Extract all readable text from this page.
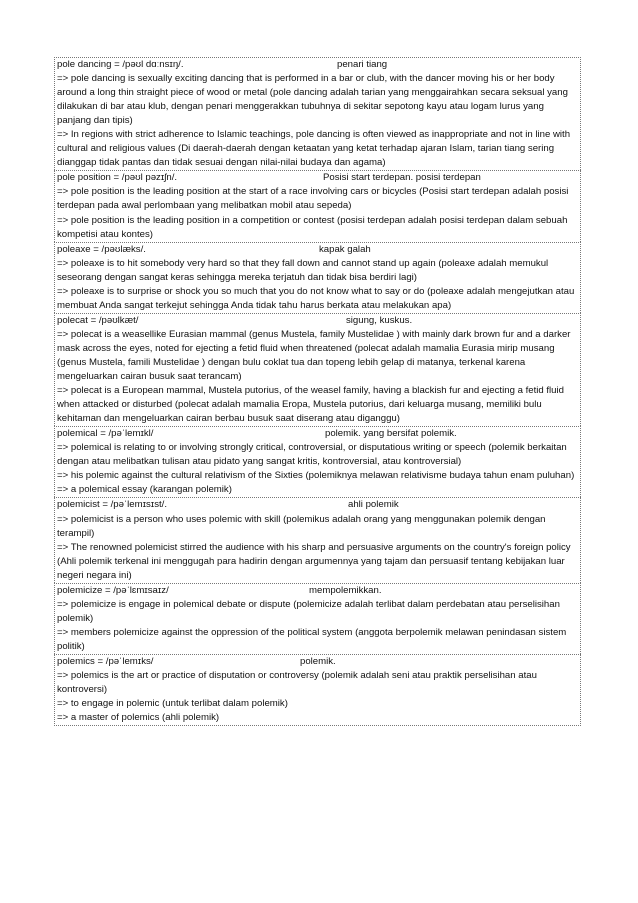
pole dancing = /pəʊl dɑːnsɪŋ/.	penari tiang
=> pole dancing is sexually exciting dancing that is performed in a bar or club, with the dancer moving his or her body around a long thin straight piece of wood or metal (pole dancing adalah tarian yang menggairahkan secara seksual yang dilakukan di bar atau klub, dengan penari menggerakkan tubuhnya di sekitar sepotong kayu atau logam lurus yang panjang dan tipis)
=> In regions with strict adherence to Islamic teachings, pole dancing is often viewed as inappropriate and not in line with cultural and religious values (Di daerah-daerah dengan ketaatan yang ketat terhadap ajaran Islam, tarian tiang sering dianggap tidak pantas dan tidak sesuai dengan nilai-nilai budaya dan agama)
pole position = /pəʊl pəzɪʃn/.	Posisi start terdepan. posisi terdepan
=> pole position is the leading position at the start of a race involving cars or bicycles (Posisi start terdepan adalah posisi terdepan pada awal perlombaan yang melibatkan mobil atau sepeda)
=> pole position is the leading position in a competition or contest (posisi terdepan adalah posisi terdepan dalam sebuah kompetisi atau kontes)
poleaxe = /pəʊlæks/.	kapak galah
=> poleaxe is to hit somebody very hard so that they fall down and cannot stand up again (poleaxe adalah memukul seseorang dengan sangat keras sehingga mereka terjatuh dan tidak bisa berdiri lagi)
=> poleaxe is to surprise or shock you so much that you do not know what to say or do (poleaxe adalah mengejutkan atau membuat Anda sangat terkejut sehingga Anda tidak tahu harus berkata atau melakukan apa)
polecat = /pəʊlkæt/	sigung, kuskus.
=> polecat is a weasellike Eurasian mammal (genus Mustela, family Mustelidae ) with mainly dark brown fur and a darker mask across the eyes, noted for ejecting a fetid fluid when threatened (polecat adalah mamalia Eurasia mirip musang (genus Mustela, famili Mustelidae ) dengan bulu coklat tua dan topeng lebih gelap di matanya, terkenal karena mengeluarkan cairan busuk saat terancam)
=> polecat is a European mammal, Mustela putorius, of the weasel family, having a blackish fur and ejecting a fetid fluid when attacked or disturbed (polecat adalah mamalia Eropa, Mustela putorius, dari keluarga musang, memiliki bulu kehitaman dan mengeluarkan cairan berbau busuk saat diserang atau diganggu)
polemical = /pəˈlemɪkl/	polemik. yang bersifat polemik.
=> polemical is relating to or involving strongly critical, controversial, or disputatious writing or speech (polemik berkaitan dengan atau melibatkan tulisan atau pidato yang sangat kritis, kontroversial, atau kontroversial)
=> his polemic against the cultural relativism of the Sixties (polemiknya melawan relativisme budaya tahun enam puluhan)
=> a polemical essay (karangan polemik)
polemicist = /pəˈlemɪsɪst/.	ahli polemik
=> polemicist is a person who uses polemic with skill (polemikus adalah orang yang menggunakan polemik dengan terampil)
=> The renowned polemicist stirred the audience with his sharp and persuasive arguments on the country's foreign policy (Ahli polemik terkenal ini menggugah para hadirin dengan argumennya yang tajam dan persuasif tentang kebijakan luar negeri negara ini)
polemicize = /pəˈlɛmɪsaɪz/	mempolemikkan.
=> polemicize is engage in polemical debate or dispute (polemicize adalah terlibat dalam perdebatan atau perselisihan polemik)
=> members polemicize against the oppression of the political system (anggota berpolemik melawan penindasan sistem politik)
polemics = /pəˈlemɪks/	polemik.
=> polemics is the art or practice of disputation or controversy (polemik adalah seni atau praktik perselisihan atau kontroversi)
=> to engage in polemic (untuk terlibat dalam polemik)
=> a master of polemics (ahli polemik)
